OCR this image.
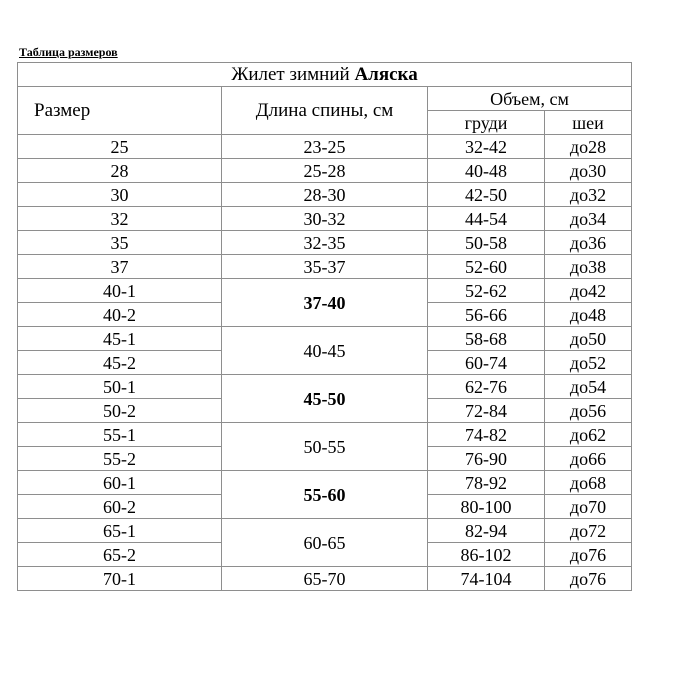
Таблица размеров
Жилет зимний Аляска			
Размер	Длина спины, см	Объем, см	
		груди	шеи
25	23-25	32-42	до28
28	25-28	40-48	до30
30	28-30	42-50	до32
32	30-32	44-54	до34
35	32-35	50-58	до36
37	35-37	52-60	до38
40-1	37-40	52-62	до42
40-2		56-66	до48
45-1	40-45	58-68	до50
45-2		60-74	до52
50-1	45-50	62-76	до54
50-2		72-84	до56
55-1	50-55	74-82	до62
55-2		76-90	до66
60-1	55-60	78-92	до68
60-2		80-100	до70
65-1	60-65	82-94	до72
65-2		86-102	до76
70-1	65-70	74-104	до76
